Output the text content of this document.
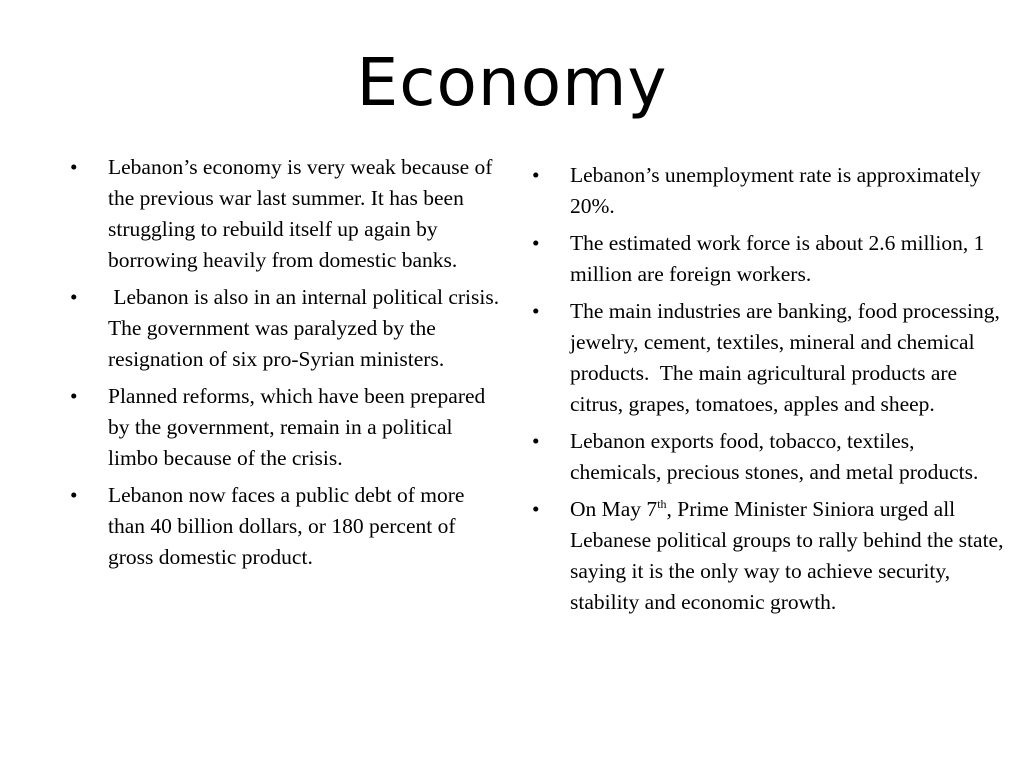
Economy
• Lebanon’s economy is very weak because of the previous war last summer. It has been struggling to rebuild itself up again by borrowing heavily from domestic banks.
• Lebanon is also in an internal political crisis.  The government was paralyzed by the resignation of six pro-Syrian ministers.
• Planned reforms, which have been prepared by the government, remain in a political limbo because of the crisis.
• Lebanon now faces a public debt of more than 40 billion dollars, or 180 percent of gross domestic product.
• Lebanon’s unemployment rate is approximately 20%.
• The estimated work force is about 2.6 million, 1 million are foreign workers.
• The main industries are banking, food processing, jewelry, cement, textiles, mineral and chemical products.  The main agricultural products are citrus, grapes, tomatoes, apples and sheep.
• Lebanon exports food, tobacco, textiles, chemicals, precious stones, and metal products.
• On May 7th, Prime Minister Siniora urged all Lebanese political groups to rally behind the state, saying it is the only way to achieve security, stability and economic growth.
